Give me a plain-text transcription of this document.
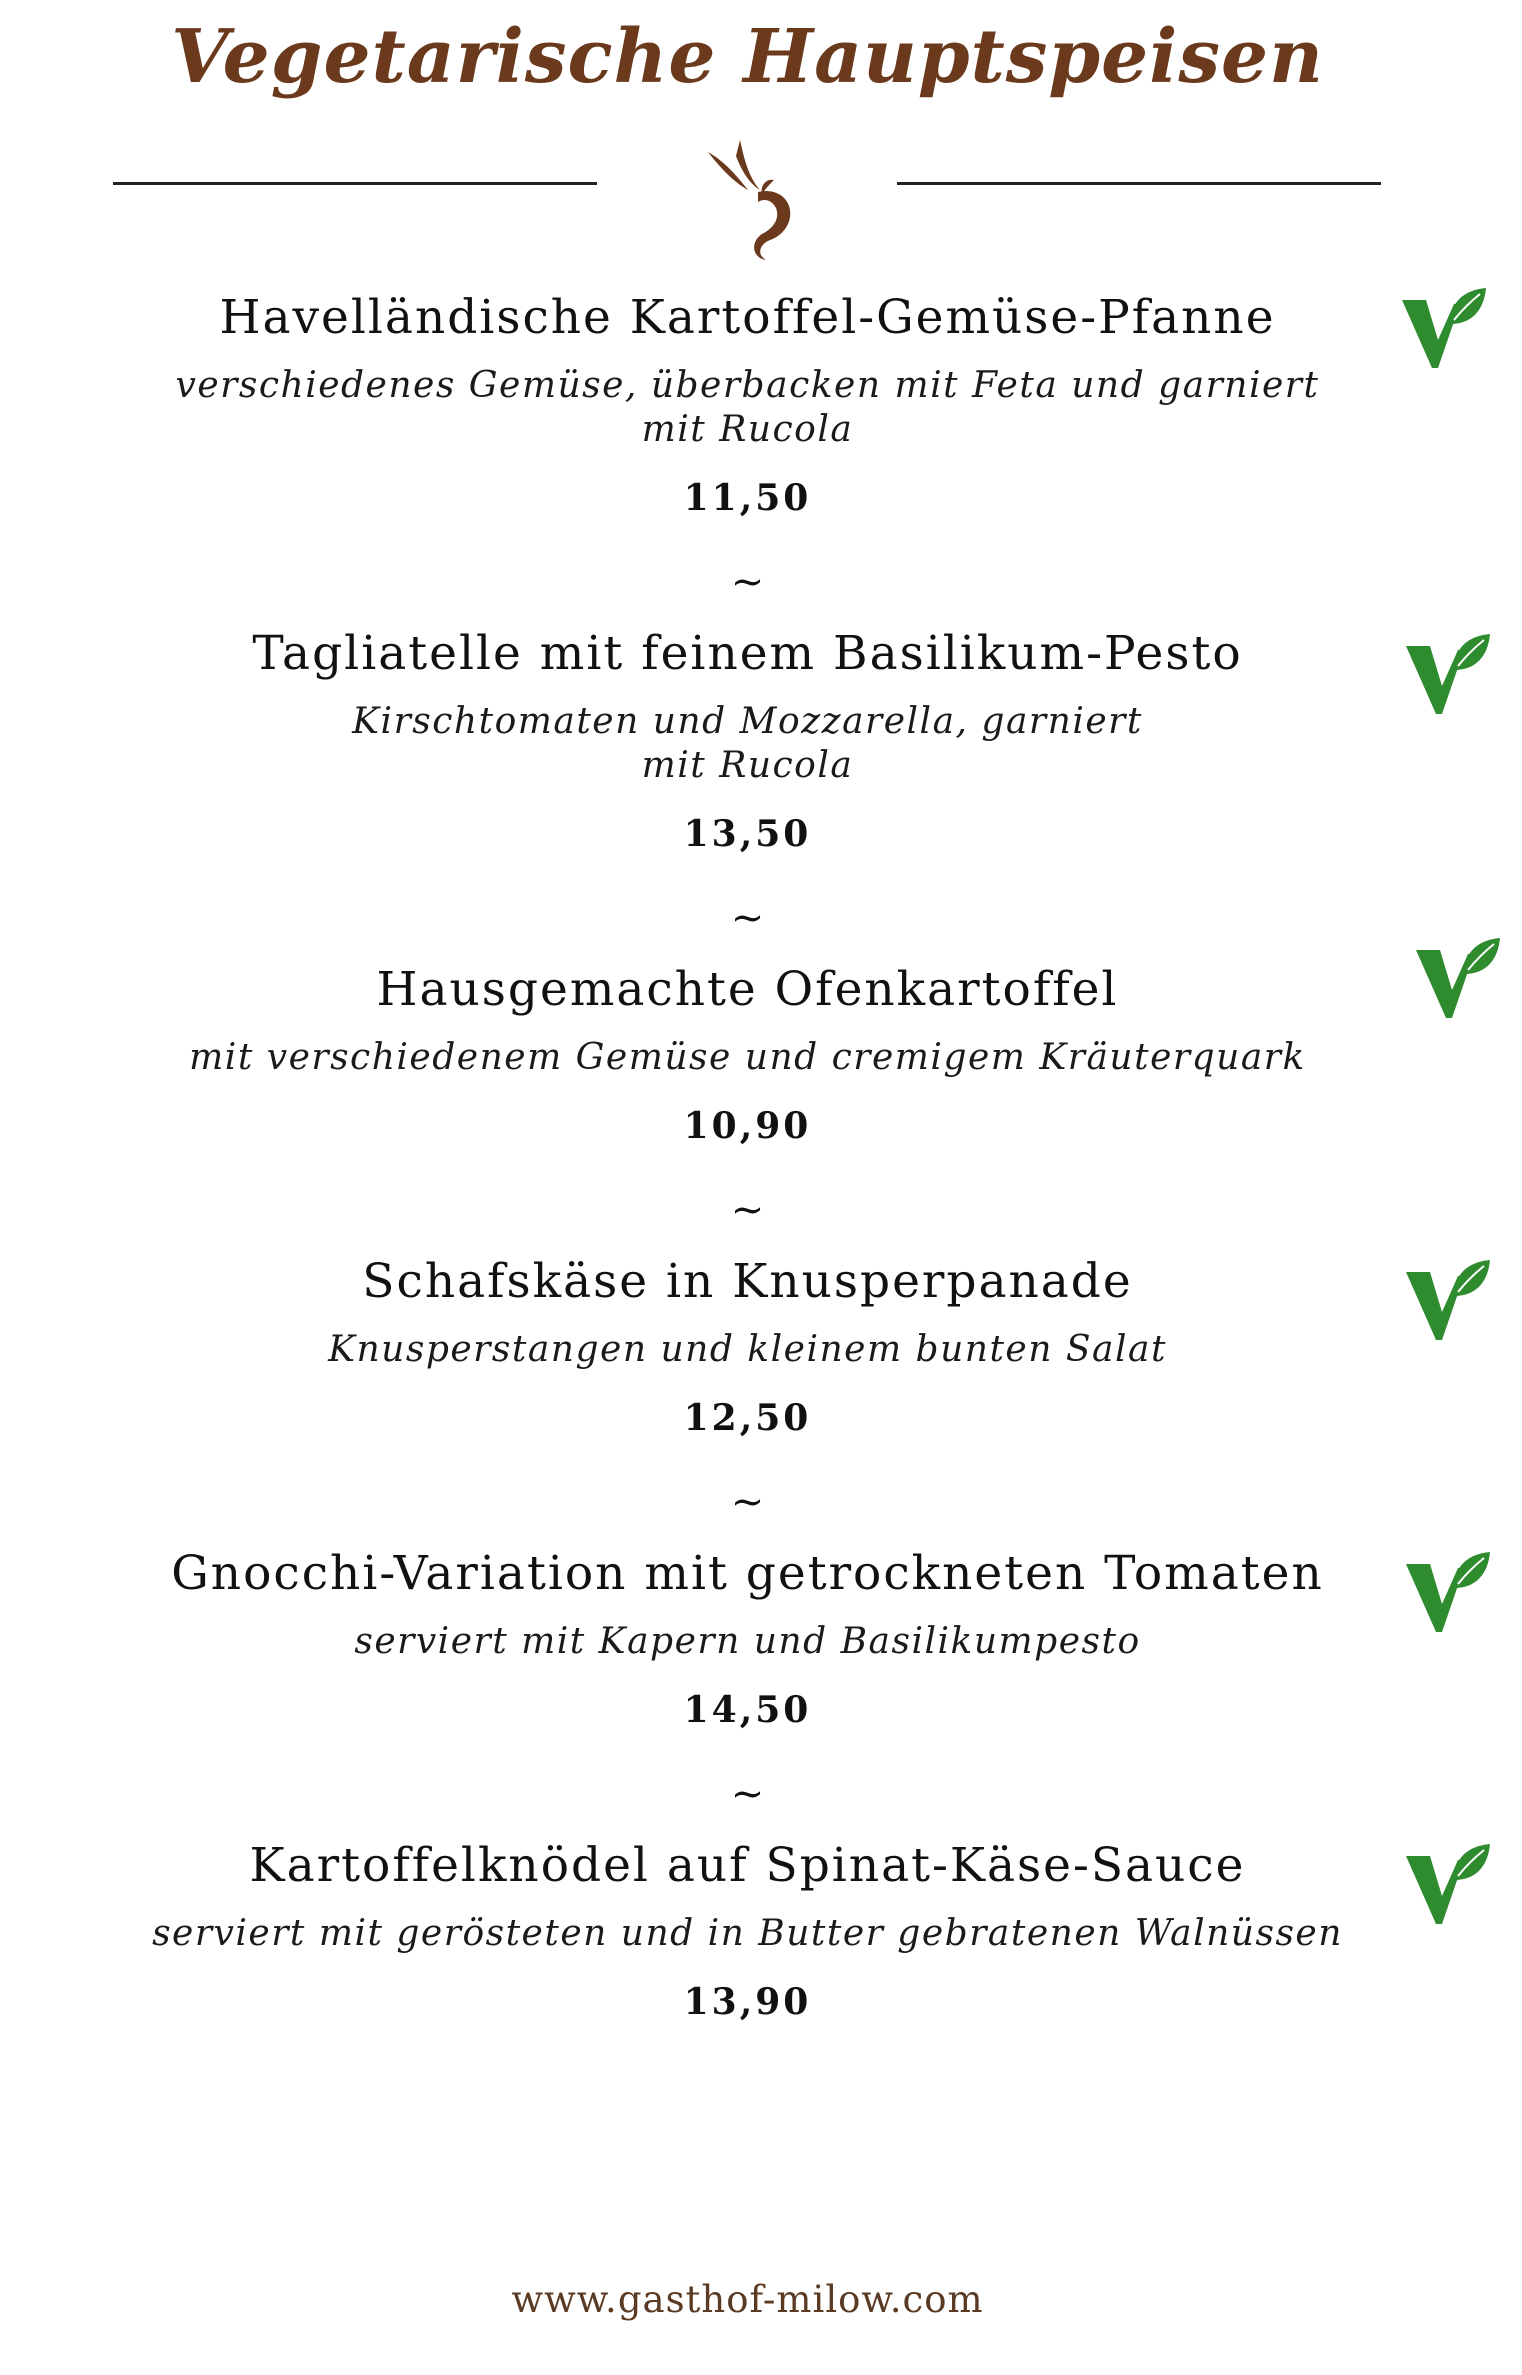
Vegetarische Hauptspeisen
Havelländische Kartoffel-Gemüse-Pfanne
verschiedenes Gemüse, überbacken mit Feta und garniert
mit Rucola
11,50
~
Tagliatelle mit feinem Basilikum-Pesto
Kirschtomaten und Mozzarella, garniert
mit Rucola
13,50
~
Hausgemachte Ofenkartoffel
mit verschiedenem Gemüse und cremigem Kräuterquark
10,90
~
Schafskäse in Knusperpanade
Knusperstangen und kleinem bunten Salat
12,50
~
Gnocchi-Variation mit getrockneten Tomaten
serviert mit Kapern und Basilikumpesto
14,50
~
Kartoffelknödel auf Spinat-Käse-Sauce
serviert mit gerösteten und in Butter gebratenen Walnüssen
13,90
www.gasthof-milow.com
